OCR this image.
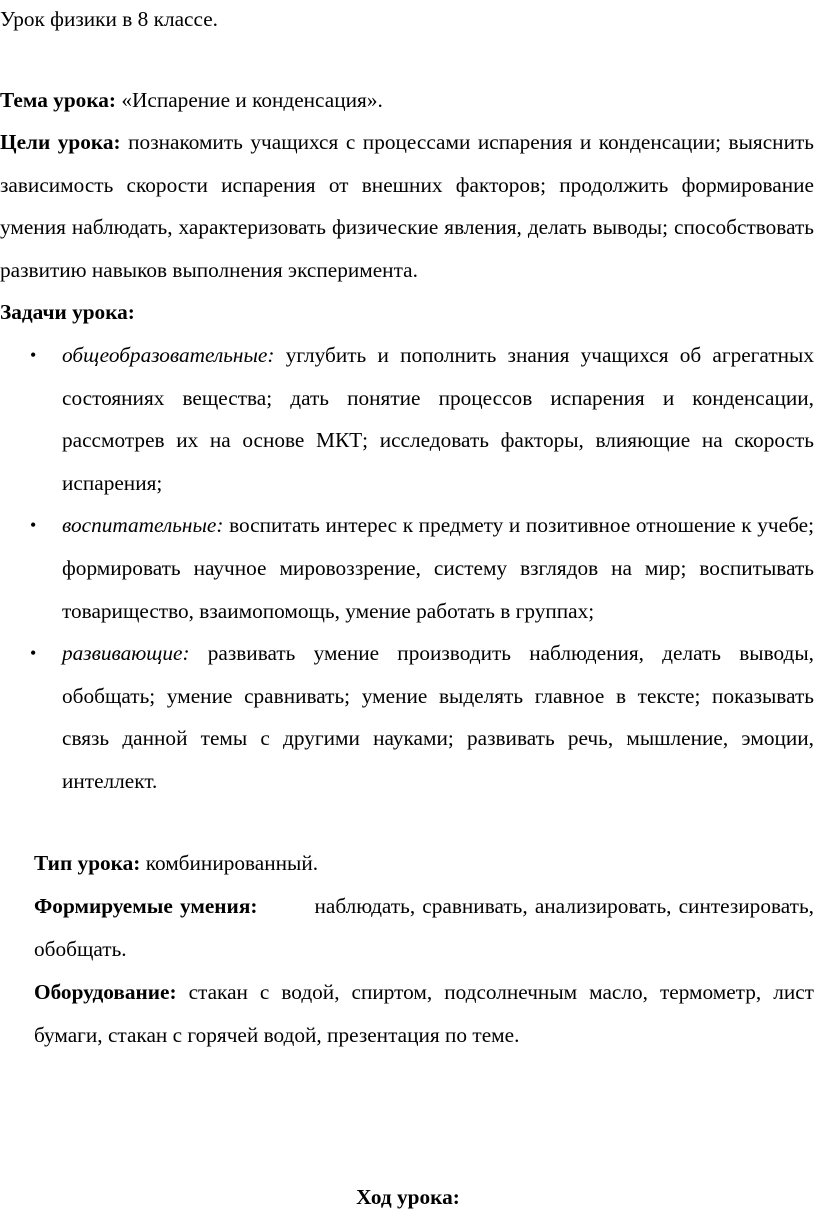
Урок физики в 8 классе.

Тема урока: «Испарение и конденсация».

Цели урока: познакомить учащихся с процессами испарения и конденсации; выяснить зависимость скорости испарения от внешних факторов; продолжить формирование умения наблюдать, характеризовать физические явления, делать выводы; способствовать развитию навыков выполнения эксперимента.

Задачи урока:

• общеобразовательные: углубить и пополнить знания учащихся об агрегатных состояниях вещества; дать понятие процессов испарения и конденсации, рассмотрев их на основе МКТ; исследовать факторы, влияющие на скорость испарения;
• воспитательные: воспитать интерес к предмету и позитивное отношение к учебе; формировать научное мировоззрение, систему взглядов на мир; воспитывать товарищество, взаимопомощь, умение работать в группах;
• развивающие: развивать умение производить наблюдения, делать выводы, обобщать; умение сравнивать; умение выделять главное в тексте; показывать связь данной темы с другими науками; развивать речь, мышление, эмоции, интеллект.

Тип урока: комбинированный.

Формируемые умения:	наблюдать, сравнивать, анализировать, синтезировать, обобщать.

Оборудование: стакан с водой, спиртом, подсолнечным масло, термометр, лист бумаги, стакан с горячей водой, презентация по теме.

Ход урока:
